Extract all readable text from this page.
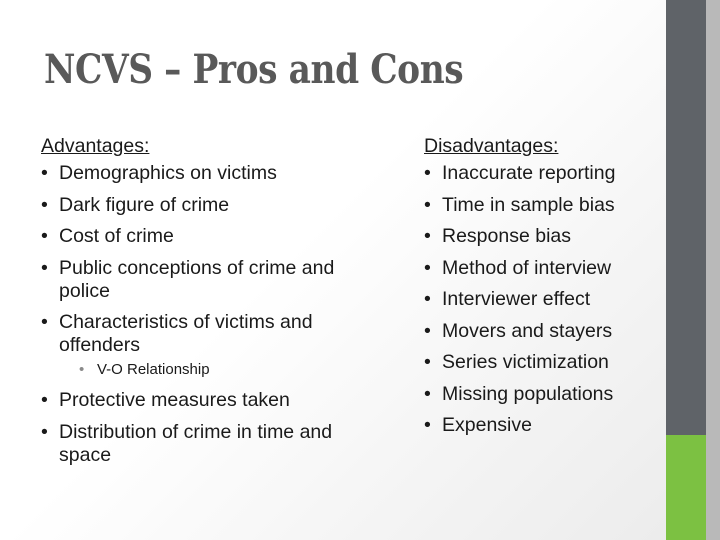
NCVS – Pros and Cons
Advantages:
• Demographics on victims
• Dark figure of crime
• Cost of crime
• Public conceptions of crime and police
• Characteristics of victims and offenders
• V-O Relationship
• Protective measures taken
• Distribution of crime in time and space
Disadvantages:
• Inaccurate reporting
• Time in sample bias
• Response bias
• Method of interview
• Interviewer effect
• Movers and stayers
• Series victimization
• Missing populations
• Expensive
